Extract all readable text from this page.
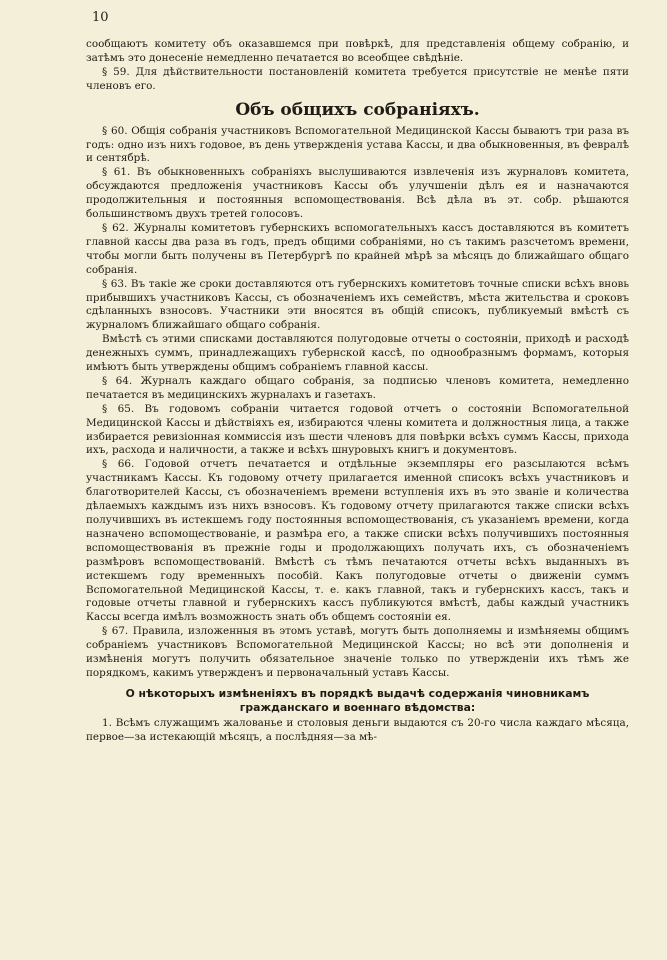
10

сообщаютъ комитету объ оказавшемся при повѣркѣ, для представленія общему собранію, и затѣмъ это донесеніе немедленно печатается во всеобщее свѣдѣніе.

§ 59. Для дѣйствительности постановленій комитета требуется присутствіе не менѣе пяти членовъ его.

Объ общихъ собраніяхъ.

§ 60. Общія собранія участниковъ Вспомогательной Медицинской Кассы бываютъ три раза въ годъ: одно изъ нихъ годовое, въ день утвержденія устава Кассы, и два обыкновенныя, въ февралѣ и сентябрѣ.

§ 61. Въ обыкновенныхъ собраніяхъ выслушиваются извлеченія изъ журналовъ комитета, обсуждаются предложенія участниковъ Кассы объ улучшеніи дѣлъ ея и назначаются продолжительныя и постоянныя вспомоществованія. Всѣ дѣла въ эт. собр. рѣшаются большинствомъ двухъ третей голосовъ.

§ 62. Журналы комитетовъ губернскихъ вспомогательныхъ кассъ доставляются въ комитетъ главной кассы два раза въ годъ, предъ общими собраніями, но съ такимъ разсчетомъ времени, чтобы могли быть получены въ Петербургѣ по крайней мѣрѣ за мѣсяцъ до ближайшаго общаго собранія.

§ 63. Въ такіе же сроки доставляются отъ губернскихъ комитетовъ точные списки всѣхъ вновь прибывшихъ участниковъ Кассы, съ обозначеніемъ ихъ семействъ, мѣста жительства и сроковъ сдѣланныхъ взносовъ. Участники эти вносятся въ общій списокъ, публикуемый вмѣстѣ съ журналомъ ближайшаго общаго собранія.

Вмѣстѣ съ этими списками доставляются полугодовые отчеты о состояніи, приходѣ и расходѣ денежныхъ суммъ, принадлежащихъ губернской кассѣ, по однообразнымъ формамъ, которыя имѣютъ быть утверждены общимъ собраніемъ главной кассы.

§ 64. Журналъ каждаго общаго собранія, за подписью членовъ комитета, немедленно печатается въ медицинскихъ журналахъ и газетахъ.

§ 65. Въ годовомъ собраніи читается годовой отчетъ о состояніи Вспомогательной Медицинской Кассы и дѣйствіяхъ ея, избираются члены комитета и должностныя лица, а также избирается ревизіонная коммиссія изъ шести членовъ для повѣрки всѣхъ суммъ Кассы, прихода ихъ, расхода и наличности, а также и всѣхъ шнуровыхъ книгъ и документовъ.

§ 66. Годовой отчетъ печатается и отдѣльные экземпляры его разсылаются всѣмъ участникамъ Кассы. Къ годовому отчету прилагается именной списокъ всѣхъ участниковъ и благотворителей Кассы, съ обозначеніемъ времени вступленія ихъ въ это званіе и количества дѣлаемыхъ каждымъ изъ нихъ взносовъ. Къ годовому отчету прилагаются также списки всѣхъ получившихъ въ истекшемъ году постоянныя вспомоществованія, съ указаніемъ времени, когда назначено вспомоществованіе, и размѣра его, а также списки всѣхъ получившихъ постоянныя вспомоществованія въ прежніе годы и продолжающихъ получать ихъ, съ обозначеніемъ размѣровъ вспомоществованій. Вмѣстѣ съ тѣмъ печатаются отчеты всѣхъ выданныхъ въ истекшемъ году временныхъ пособій. Какъ полугодовые отчеты о движеніи суммъ Вспомогательной Медицинской Кассы, т. е. какъ главной, такъ и губернскихъ кассъ, такъ и годовые отчеты главной и губернскихъ кассъ публикуются вмѣстѣ, дабы каждый участникъ Кассы всегда имѣлъ возможность знать объ общемъ состояніи ея.

§ 67. Правила, изложенныя въ этомъ уставѣ, могутъ быть дополняемы и измѣняемы общимъ собраніемъ участниковъ Вспомогательной Медицинской Кассы; но всѣ эти дополненія и измѣненія могутъ получить обязательное значеніе только по утвержденіи ихъ тѣмъ же порядкомъ, какимъ утвержденъ и первоначальный уставъ Кассы.

О нѣкоторыхъ измѣненіяхъ въ порядкѣ выдачѣ содержанія чиновникамъ гражданскаго и военнаго вѣдомства:

1. Всѣмъ служащимъ жалованье и столовыя деньги выдаются съ 20-го числа каждаго мѣсяца, первое—за истекающій мѣсяцъ, а послѣдняя—за мѣ-
